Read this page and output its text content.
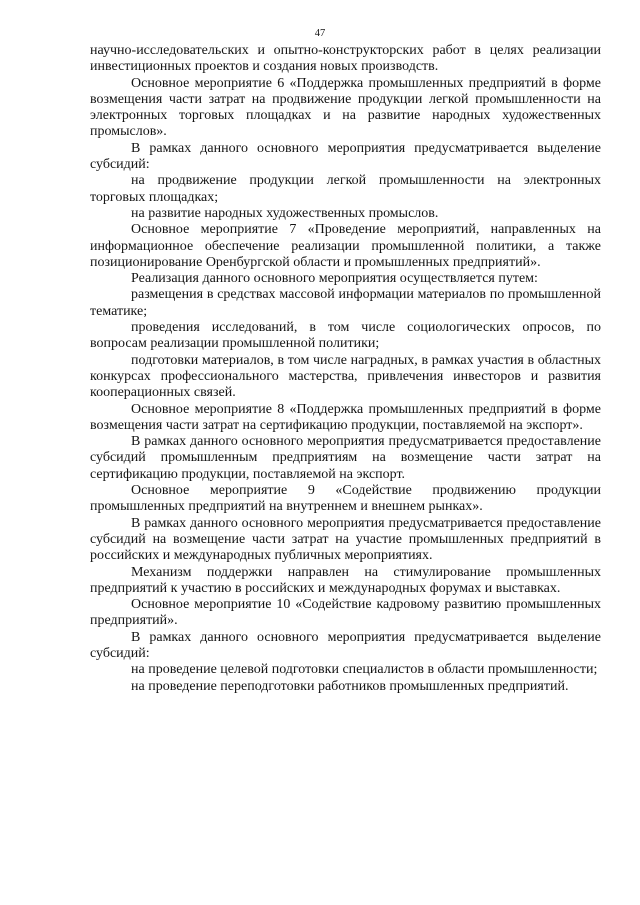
47

научно-исследовательских и опытно-конструкторских работ в целях реализации инвестиционных проектов и создания новых производств.

Основное мероприятие 6 «Поддержка промышленных предприятий в форме возмещения части затрат на продвижение продукции легкой промышленности на электронных торговых площадках и на развитие народных художественных промыслов».

В рамках данного основного мероприятия предусматривается выделение субсидий:

на продвижение продукции легкой промышленности на электронных торговых площадках;

на развитие народных художественных промыслов.

Основное мероприятие 7 «Проведение мероприятий, направленных на информационное обеспечение реализации промышленной политики, а также позиционирование Оренбургской области и промышленных предприятий».

Реализация данного основного мероприятия осуществляется путем:

размещения в средствах массовой информации материалов по промышленной тематике;

проведения исследований, в том числе социологических опросов, по вопросам реализации промышленной политики;

подготовки материалов, в том числе наградных, в рамках участия в областных конкурсах профессионального мастерства, привлечения инвесторов и развития кооперационных связей.

Основное мероприятие 8 «Поддержка промышленных предприятий в форме возмещения части затрат на сертификацию продукции, поставляемой на экспорт».

В рамках данного основного мероприятия предусматривается предоставление субсидий промышленным предприятиям на возмещение части затрат на сертификацию продукции, поставляемой на экспорт.

Основное мероприятие 9 «Содействие продвижению продукции промышленных предприятий на внутреннем и внешнем рынках».

В рамках данного основного мероприятия предусматривается предоставление субсидий на возмещение части затрат на участие промышленных предприятий в российских и международных публичных мероприятиях.

Механизм поддержки направлен на стимулирование промышленных предприятий к участию в российских и международных форумах и выставках.

Основное мероприятие 10 «Содействие кадровому развитию промышленных предприятий».

В рамках данного основного мероприятия предусматривается выделение субсидий:

на проведение целевой подготовки специалистов в области промышленности;

на проведение переподготовки работников промышленных предприятий.
